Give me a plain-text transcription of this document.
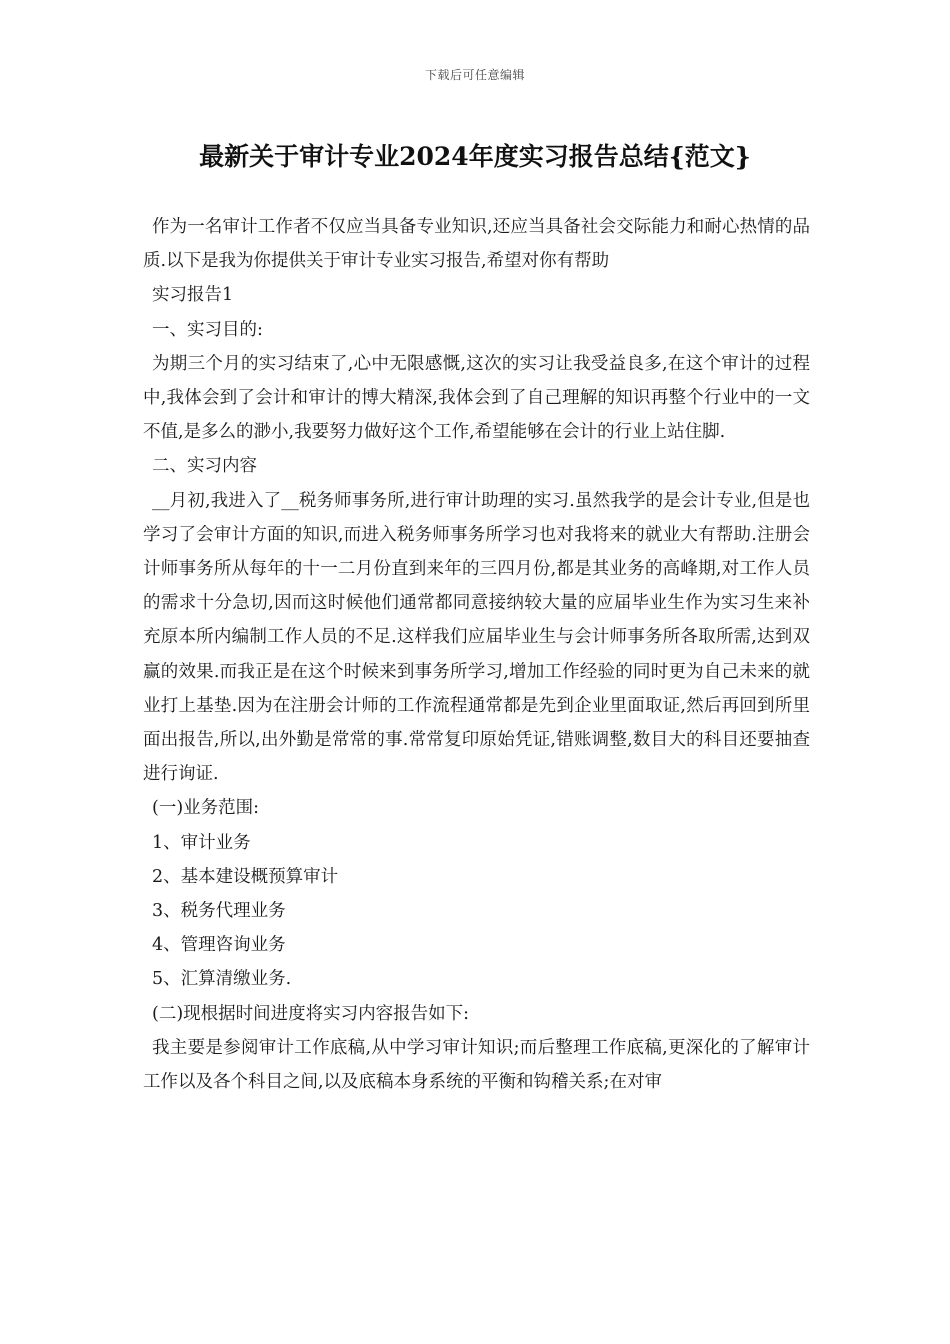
下载后可任意编辑
最新关于审计专业2024年度实习报告总结{范文}

作为一名审计工作者不仅应当具备专业知识,还应当具备社会交际能力和耐心热情的品质.以下是我为你提供关于审计专业实习报告,希望对你有帮助

实习报告1

一、实习目的:

为期三个月的实习结束了,心中无限感慨,这次的实习让我受益良多,在这个审计的过程中,我体会到了会计和审计的博大精深,我体会到了自己理解的知识再整个行业中的一文不值,是多么的渺小,我要努力做好这个工作,希望能够在会计的行业上站住脚.

二、实习内容

__月初,我进入了__税务师事务所,进行审计助理的实习.虽然我学的是会计专业,但是也学习了会审计方面的知识,而进入税务师事务所学习也对我将来的就业大有帮助.注册会计师事务所从每年的十一二月份直到来年的三四月份,都是其业务的高峰期,对工作人员的需求十分急切,因而这时候他们通常都同意接纳较大量的应届毕业生作为实习生来补充原本所内编制工作人员的不足.这样我们应届毕业生与会计师事务所各取所需,达到双赢的效果.而我正是在这个时候来到事务所学习,增加工作经验的同时更为自己未来的就业打上基垫.因为在注册会计师的工作流程通常都是先到企业里面取证,然后再回到所里面出报告,所以,出外勤是常常的事.常常复印原始凭证,错账调整,数目大的科目还要抽查进行询证.

(一)业务范围:

1、审计业务

2、基本建设概预算审计

3、税务代理业务

4、管理咨询业务

5、汇算清缴业务.

(二)现根据时间进度将实习内容报告如下:

我主要是参阅审计工作底稿,从中学习审计知识;而后整理工作底稿,更深化的了解审计工作以及各个科目之间,以及底稿本身系统的平衡和钩稽关系;在对审
